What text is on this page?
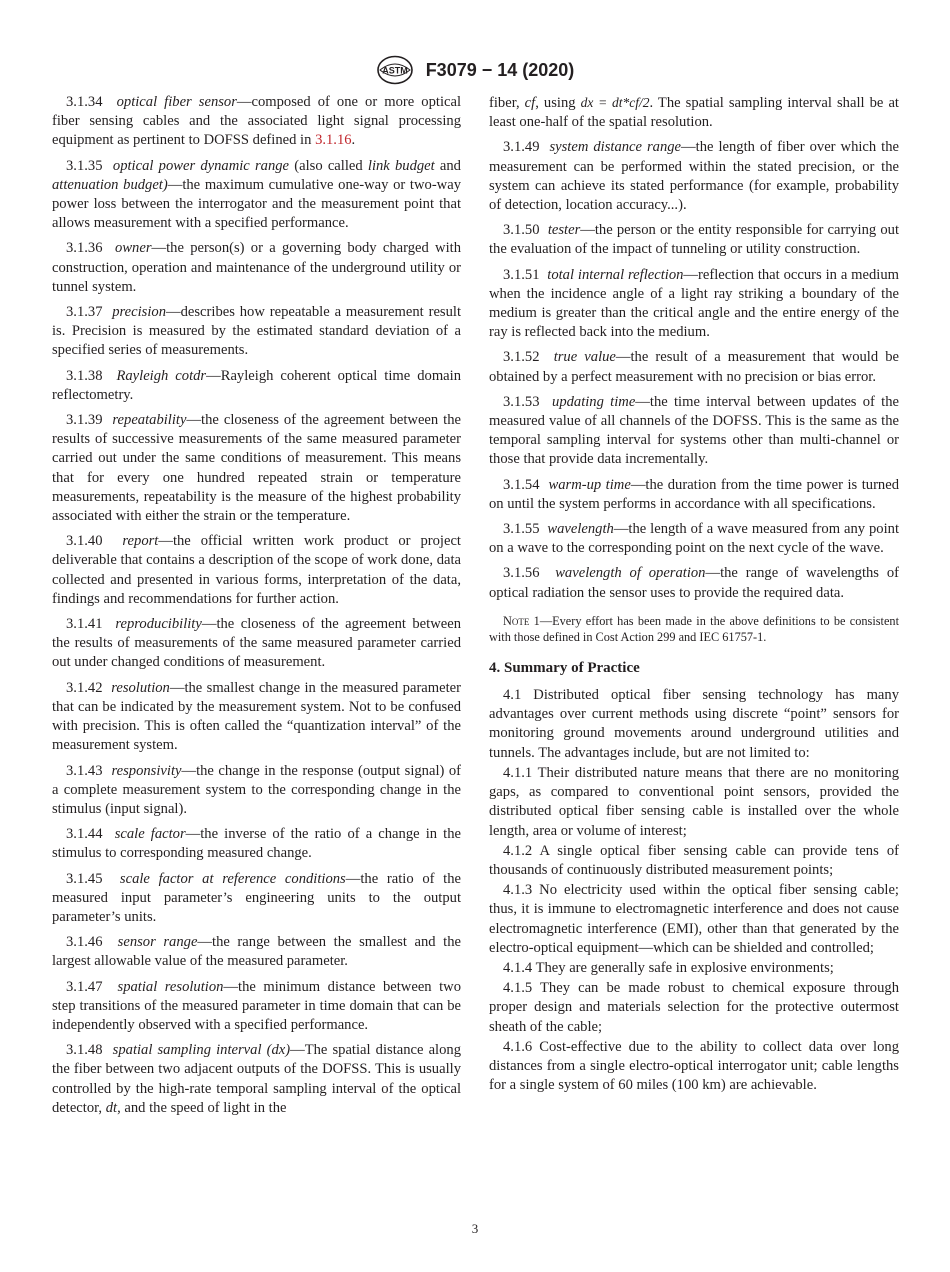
ASTM F3079 − 14 (2020)

3.1.34 optical fiber sensor—composed of one or more optical fiber sensing cables and the associated light signal processing equipment as pertinent to DOFSS defined in 3.1.16.

3.1.35 optical power dynamic range (also called link budget and attenuation budget)—the maximum cumulative one-way or two-way power loss between the interrogator and the measurement point that allows measurement with a specified performance.

3.1.36 owner—the person(s) or a governing body charged with construction, operation and maintenance of the underground utility or tunnel system.

3.1.37 precision—describes how repeatable a measurement result is. Precision is measured by the estimated standard deviation of a specified series of measurements.

3.1.38 Rayleigh cotdr—Rayleigh coherent optical time domain reflectometry.

3.1.39 repeatability—the closeness of the agreement between the results of successive measurements of the same measured parameter carried out under the same conditions of measurement. This means that for every one hundred repeated strain or temperature measurements, repeatability is the measure of the highest probability associated with either the strain or the temperature.

3.1.40 report—the official written work product or project deliverable that contains a description of the scope of work done, data collected and presented in various forms, interpretation of the data, findings and recommendations for further action.

3.1.41 reproducibility—the closeness of the agreement between the results of measurements of the same measured parameter carried out under changed conditions of measurement.

3.1.42 resolution—the smallest change in the measured parameter that can be indicated by the measurement system. Not to be confused with precision. This is often called the “quantization interval” of the measurement system.

3.1.43 responsivity—the change in the response (output signal) of a complete measurement system to the corresponding change in the stimulus (input signal).

3.1.44 scale factor—the inverse of the ratio of a change in the stimulus to corresponding measured change.

3.1.45 scale factor at reference conditions—the ratio of the measured input parameter’s engineering units to the output parameter’s units.

3.1.46 sensor range—the range between the smallest and the largest allowable value of the measured parameter.

3.1.47 spatial resolution—the minimum distance between two step transitions of the measured parameter in time domain that can be independently observed with a specified performance.

3.1.48 spatial sampling interval (dx)—The spatial distance along the fiber between two adjacent outputs of the DOFSS. This is usually controlled by the high-rate temporal sampling interval of the optical detector, dt, and the speed of light in the

fiber, cf, using dx = dt*cf/2. The spatial sampling interval shall be at least one-half of the spatial resolution.

3.1.49 system distance range—the length of fiber over which the measurement can be performed within the stated precision, or the system can achieve its stated performance (for example, probability of detection, location accuracy...).

3.1.50 tester—the person or the entity responsible for carrying out the evaluation of the impact of tunneling or utility construction.

3.1.51 total internal reflection—reflection that occurs in a medium when the incidence angle of a light ray striking a boundary of the medium is greater than the critical angle and the entire energy of the ray is reflected back into the medium.

3.1.52 true value—the result of a measurement that would be obtained by a perfect measurement with no precision or bias error.

3.1.53 updating time—the time interval between updates of the measured value of all channels of the DOFSS. This is the same as the temporal sampling interval for systems other than multi-channel or those that provide data incrementally.

3.1.54 warm-up time—the duration from the time power is turned on until the system performs in accordance with all specifications.

3.1.55 wavelength—the length of a wave measured from any point on a wave to the corresponding point on the next cycle of the wave.

3.1.56 wavelength of operation—the range of wavelengths of optical radiation the sensor uses to provide the required data.

Note 1—Every effort has been made in the above definitions to be consistent with those defined in Cost Action 299 and IEC 61757-1.
4. Summary of Practice

4.1 Distributed optical fiber sensing technology has many advantages over current methods using discrete “point” sensors for monitoring ground movements around underground utilities and tunnels. The advantages include, but are not limited to:

4.1.1 Their distributed nature means that there are no monitoring gaps, as compared to conventional point sensors, provided the distributed optical fiber sensing cable is installed over the whole length, area or volume of interest;

4.1.2 A single optical fiber sensing cable can provide tens of thousands of continuously distributed measurement points;

4.1.3 No electricity used within the optical fiber sensing cable; thus, it is immune to electromagnetic interference and does not cause electromagnetic interference (EMI), other than that generated by the electro-optical equipment—which can be shielded and controlled;

4.1.4 They are generally safe in explosive environments;

4.1.5 They can be made robust to chemical exposure through proper design and materials selection for the protective outermost sheath of the cable;

4.1.6 Cost-effective due to the ability to collect data over long distances from a single electro-optical interrogator unit; cable lengths for a single system of 60 miles (100 km) are achievable.

3
